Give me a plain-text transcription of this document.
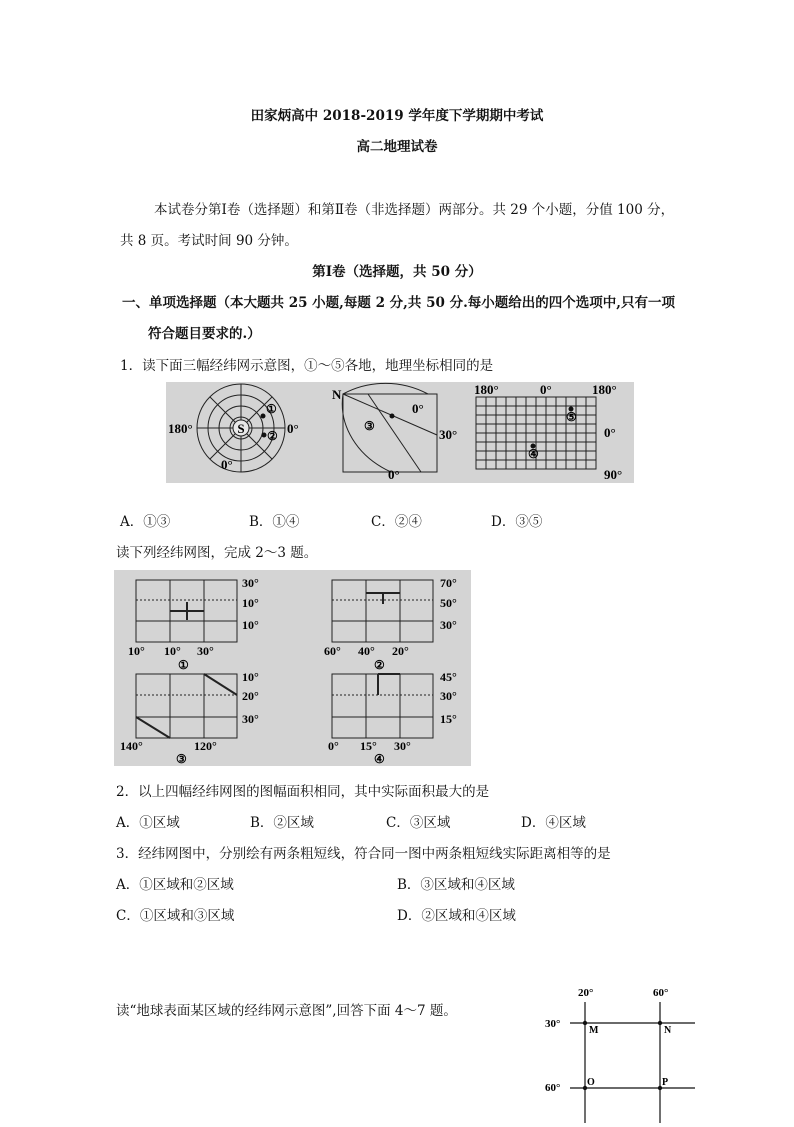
田家炳高中 2018-2019 学年度下学期期中考试
高二地理试卷
本试卷分第Ⅰ卷（选择题）和第Ⅱ卷（非选择题）两部分。共 29 个小题，分值 100 分，
共 8 页。考试时间 90 分钟。
第Ⅰ卷（选择题，共 50 分）
一、单项选择题（本大题共 25 小题,每题 2 分,共 50 分.每小题给出的四个选项中,只有一项
符合题目要求的.）
1．读下面三幅经纬网示意图，①～⑤各地，地理坐标相同的是
S
180°	0°
0°
①
②
N
0°
30°
0°
③
180°	0°	180°
0°
90°
⑤
④
A．①③	B．①④	C．②④	D．③⑤
读下列经纬网图，完成 2～3 题。
30°
10°
10°
10° 10° 30°
①
70°
50°
30°
60° 40° 20°
②
10°
20°
30°
140°	120°
③
45°
30°
15°
0° 15° 30°
④
2．以上四幅经纬网图的图幅面积相同，其中实际面积最大的是
A．①区域	B．②区域	C．③区域	D．④区域
3．经纬网图中，分别绘有两条粗短线，符合同一图中两条粗短线实际距离相等的是
A．①区域和②区域	B．③区域和④区域
C．①区域和③区域	D．②区域和④区域
读“地球表面某区域的经纬网示意图”,回答下面 4～7 题。
20°	60°
30°
60°
M	N
O	P
